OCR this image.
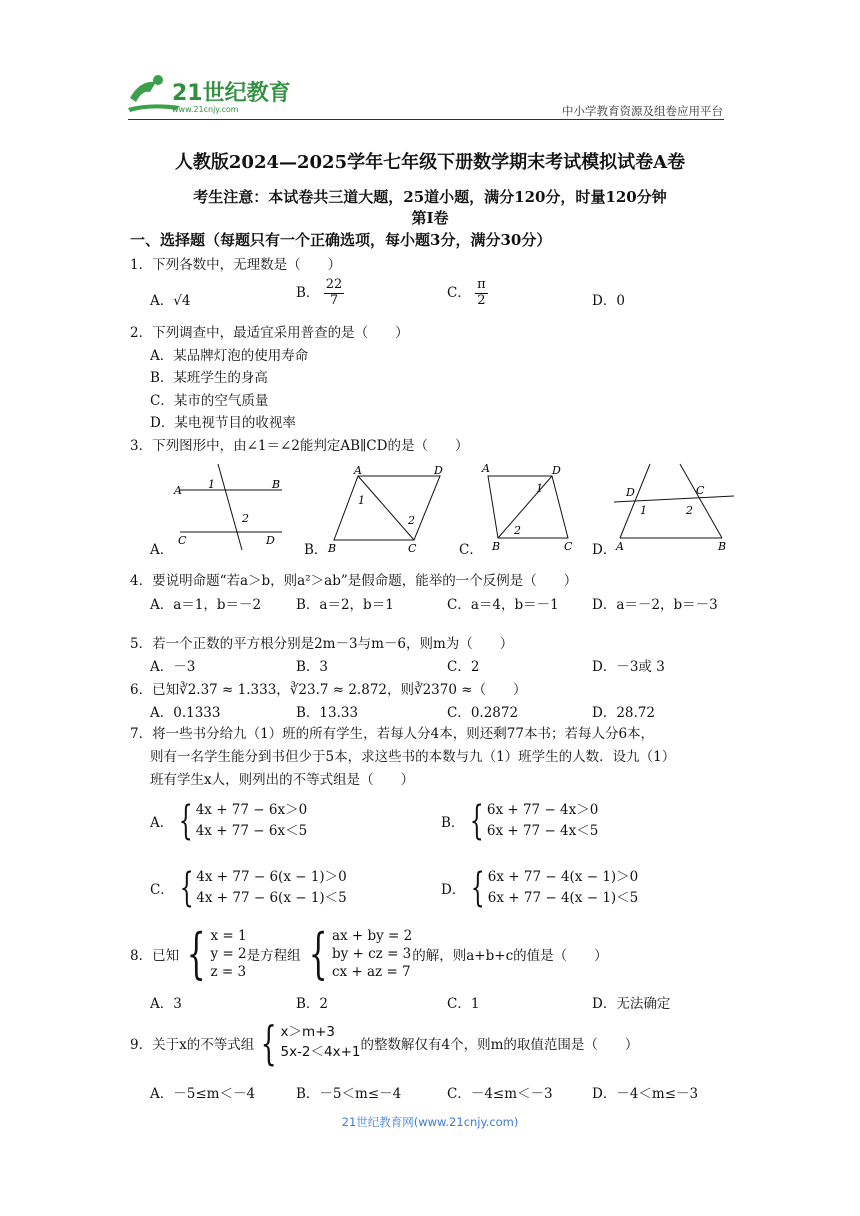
21世纪教育
www.21cnjy.com	中小学教育资源及组卷应用平台
人教版2024—2025学年七年级下册数学期末考试模拟试卷A卷
考生注意：本试卷共三道大题，25道小题，满分120分，时量120分钟
第Ⅰ卷
一、选择题（每题只有一个正确选项，每小题3分，满分30分）
1．下列各数中，无理数是（　　）
A．√4
B． $\frac{22}{7}$	C． $\frac{\pi}{2}$	D．0
2．下列调查中，最适宜采用普查的是（　　）
A．某品牌灯泡的使用寿命
B．某班学生的身高
C．某市的空气质量
D．某电视节目的收视率
3．下列图形中，由∠1＝∠2能判定AB∥CD的是（　　）
A 1	B
2
C	D
A．
A	D
1
2
B	C
B．
A	D
1
2
B	C
C．
D	C
1	2
A	B
D．
4．要说明命题“若a＞b，则a²＞ab”是假命题，能举的一个反例是（　　）
A．a＝1，b＝－2	B．a＝2，b＝1	C．a＝4，b＝－1 D．a＝－2，b＝－3
5．若一个正数的平方根分别是2m－3与m－6，则m为（　　）
A．－3	B．3	C．2	D．－3或 3
6．已知∛2.37 ≈ 1.333，∛23.7 ≈ 2.872，则∛2370 ≈（　　）
A．0.1333	B．13.33	C．0.2872	D．28.72
7．将一些书分给九（1）班的所有学生，若每人分4本，则还剩77本书；若每人分6本，
则有一名学生能分到书但少于5本，求这些书的本数与九（1）班学生的人数．设九（1）
班有学生x人，则列出的不等式组是（　　）
A． { 4x + 77 − 6x＞0
4x + 77 − 6x＜5	B． { 6x + 77 − 4x＞0
6x + 77 − 4x＜5
C． { 4x + 77 − 6(x − 1)＞0
4x + 77 − 6(x − 1)＜5	D． { 6x + 77 − 4(x − 1)＞0
6x + 77 − 4(x − 1)＜5
8．已知 { x = 1
y = 2
z = 3
是方程组 { ax + by = 2
by + cz = 3
cx + az = 7
的解，则a+b+c的值是（　　）
A．3	B．2	C．1	D．无法确定
9．关于x的不等式组 { x＞m+3
5x-2＜4x+1 的整数解仅有4个，则m的取值范围是（　　）
A．－5≤m＜－4	B．－5＜m≤－4	C．－4≤m＜－3	D．－4＜m≤－3
21世纪教育网(www.21cnjy.com)
